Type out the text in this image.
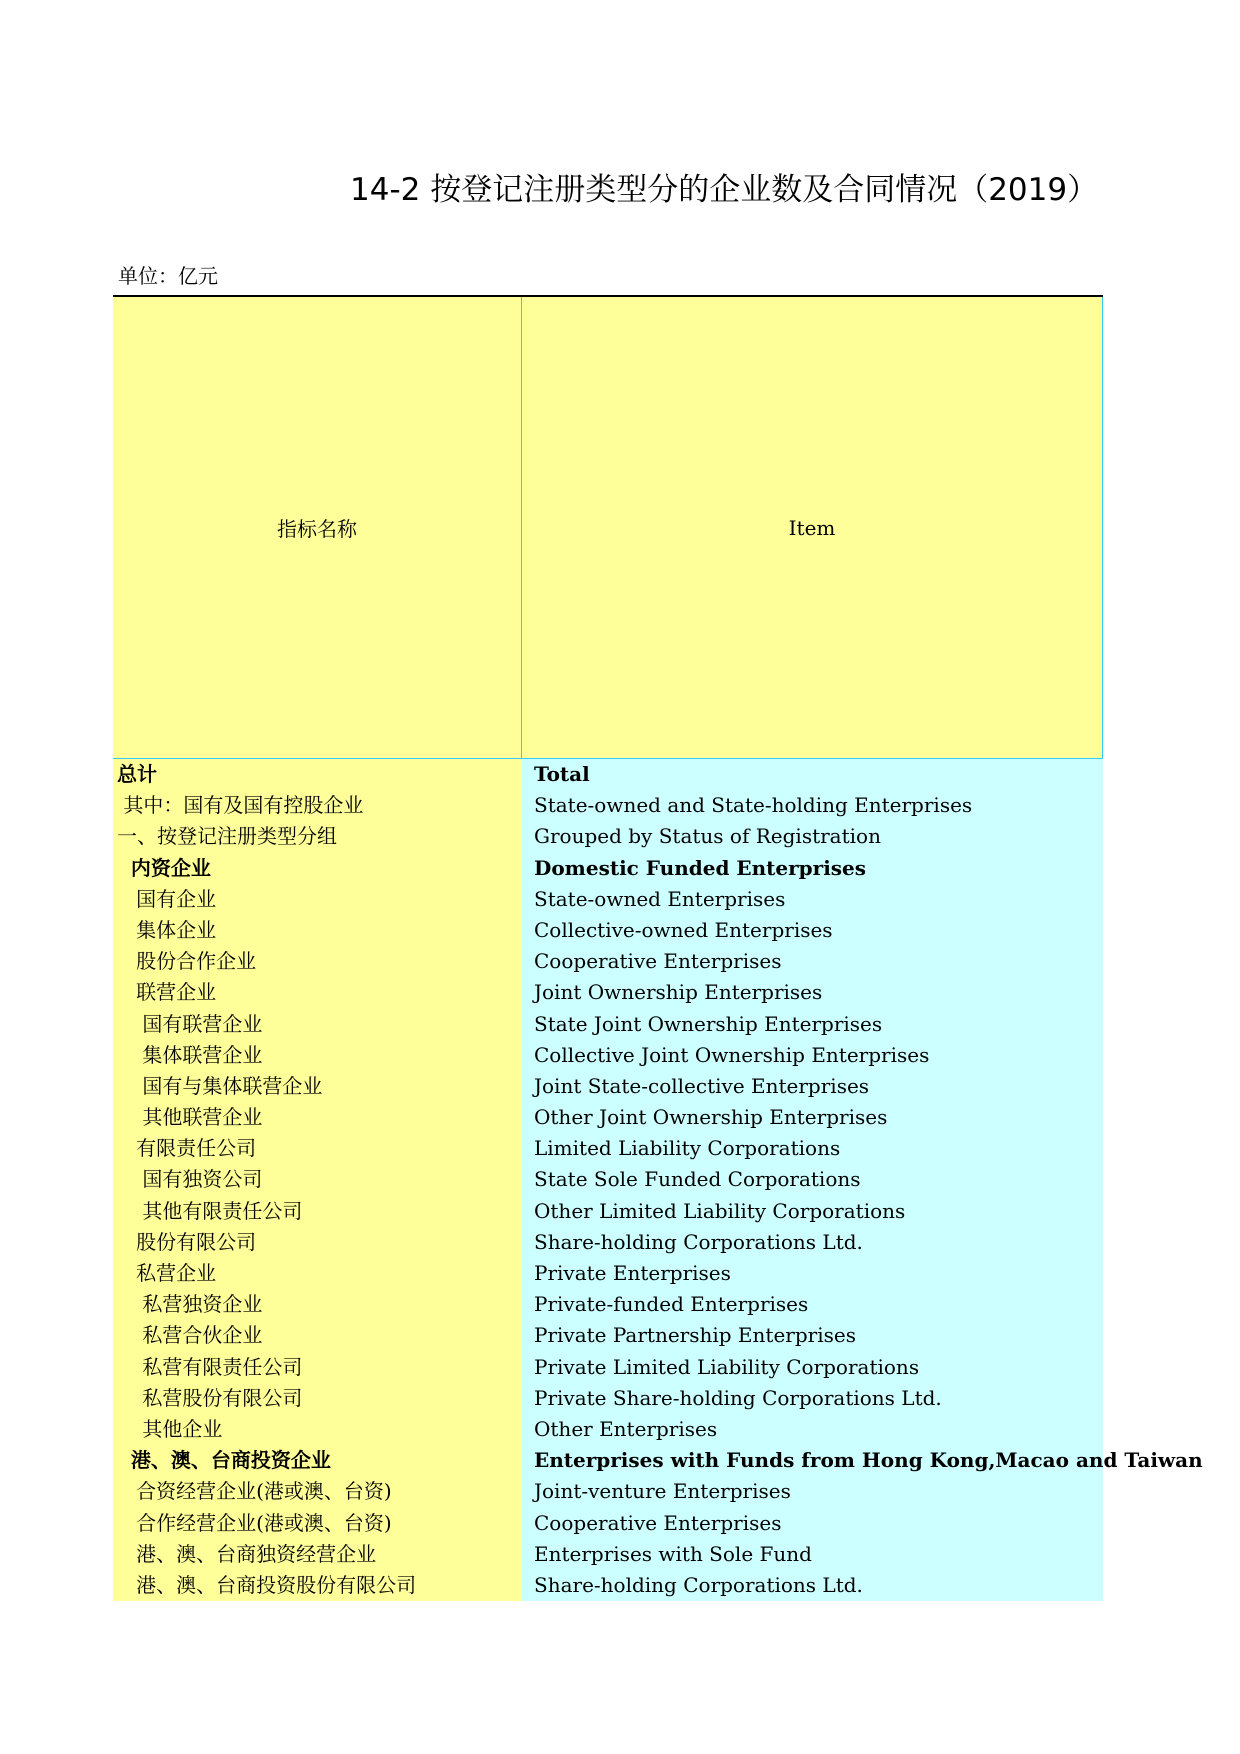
14-2 按登记注册类型分的企业数及合同情况（2019）
单位：亿元
指标名称	Item
总计	Total
其中：国有及国有控股企业	State-owned and State-holding Enterprises
一、按登记注册类型分组	Grouped by Status of Registration
内资企业	Domestic Funded Enterprises
国有企业	State-owned Enterprises
集体企业	Collective-owned Enterprises
股份合作企业	Cooperative Enterprises
联营企业	Joint Ownership Enterprises
国有联营企业	State Joint Ownership Enterprises
集体联营企业	Collective Joint Ownership Enterprises
国有与集体联营企业	Joint State-collective Enterprises
其他联营企业	Other Joint Ownership Enterprises
有限责任公司	Limited Liability Corporations
国有独资公司	State Sole Funded Corporations
其他有限责任公司	Other Limited Liability Corporations
股份有限公司	Share-holding Corporations Ltd.
私营企业	Private Enterprises
私营独资企业	Private-funded Enterprises
私营合伙企业	Private Partnership Enterprises
私营有限责任公司	Private Limited Liability Corporations
私营股份有限公司	Private Share-holding Corporations Ltd.
其他企业	Other Enterprises
港、澳、台商投资企业	Enterprises with Funds from Hong Kong,Macao and Taiwan
合资经营企业(港或澳、台资)	Joint-venture Enterprises
合作经营企业(港或澳、台资)	Cooperative Enterprises
港、澳、台商独资经营企业	Enterprises with Sole Fund
港、澳、台商投资股份有限公司	Share-holding Corporations Ltd.
